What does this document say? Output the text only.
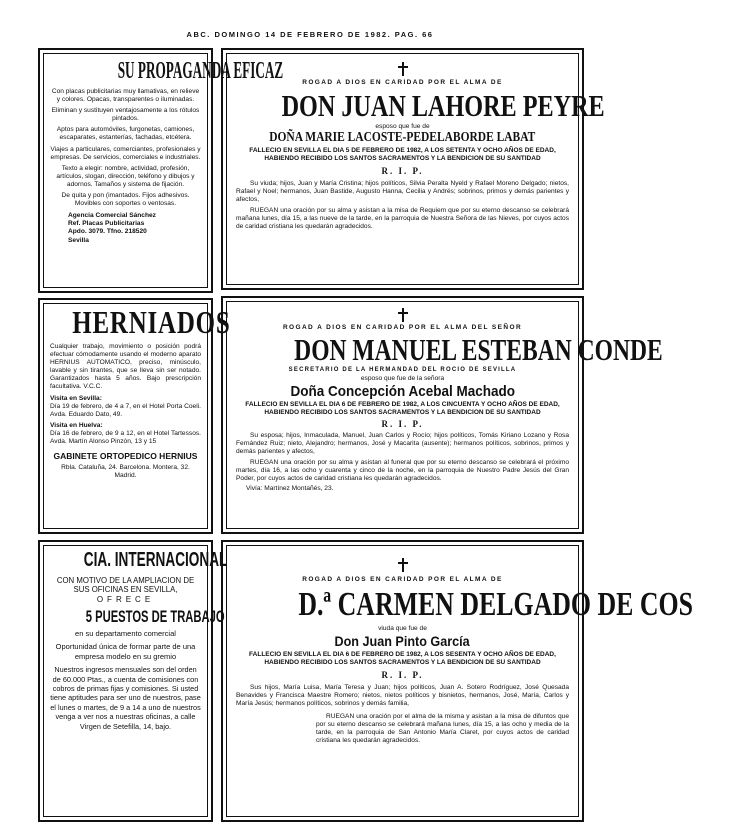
ABC. DOMINGO 14 DE FEBRERO DE 1982. PAG. 66
SU PROPAGANDA EFICAZ

Con placas publicitarias muy llamativas, en relieve y colores. Opacas, transparentes o iluminadas.

Eliminan y sustituyen ventajosamente a los rótulos pintados.

Aptos para automóviles, furgonetas, camiones, escaparates, estanterías, fachadas, etcétera.

Viajes a particulares, comerciantes, profesionales y empresas. De servicios, comerciales e industriales.

Texto a elegir: nombre, actividad, profesión, artículos, slogan, dirección, teléfono y dibujos y adornos. Tamaños y sistema de fijación.

De quita y pon (imantados. Fijos adhesivos. Movibles con soportes o ventosas.

Agencia Comercial Sánchez

Ref. Placas Publicitarias

Apdo. 3079. Tfno. 218520

Sevilla

HERNIADOS

Cualquier trabajo, movimiento o posición podrá efectuar cómodamente usando el moderno aparato HERNIUS AUTOMATICO, preciso, minúsculo, lavable y sin tirantes, que se lleva sin ser notado. Garantizados hasta 5 años. Bajo prescripción facultativa. V.C.C.

Visita en Sevilla:

Día 19 de febrero, de 4 a 7, en el Hotel Porta Coeli. Avda. Eduardo Dato, 49.

Visita en Huelva:

Día 16 de febrero, de 9 a 12, en el Hotel Tartessos. Avda. Martín Alonso Pinzón, 13 y 15

GABINETE ORTOPEDICO HERNIUS

Rbla. Cataluña, 24. Barcelona. Montera, 32. Madrid.

CIA. INTERNACIONAL

CON MOTIVO DE LA AMPLIACION DE SUS OFICINAS EN SEVILLA,

OFRECE

5 PUESTOS DE TRABAJO

en su departamento comercial

Oportunidad única de formar parte de una empresa modelo en su gremio

Nuestros ingresos mensuales son del orden de 60.000 Ptas., a cuenta de comisiones con cobros de primas fijas y comisiones. Si usted tiene aptitudes para ser uno de nuestros, pase el lunes o martes, de 9 a 14 a uno de nuestros venga a ver nos a nuestras oficinas, a calle Virgen de Setefilla, 14, bajo.

ROGAD A DIOS EN CARIDAD POR EL ALMA DE

DON JUAN LAHORE PEYRE

esposo que fue de

DOÑA MARIE LACOSTE-PEDELABORDE LABAT

FALLECIO EN SEVILLA EL DIA 5 DE FEBRERO DE 1982, A LOS SETENTA Y OCHO AÑOS DE EDAD, HABIENDO RECIBIDO LOS SANTOS SACRAMENTOS Y LA BENDICION DE SU SANTIDAD

R. I. P.

Su viuda; hijos, Juan y María Cristina; hijos políticos, Silvia Peralta Nyeld y Rafael Moreno Delgado; nietos, Rafael y Noel; hermanos, Juan Bastide, Augusto Hanna, Cecilia y Andrés; sobrinos, primos y demás parientes y afectos,

RUEGAN una oración por su alma y asistan a la misa de Requiem que por su eterno descanso se celebrará mañana lunes, día 15, a las nueve de la tarde, en la parroquia de Nuestra Señora de las Nieves, por cuyos actos de caridad cristiana les quedarán agradecidos.

ROGAD A DIOS EN CARIDAD POR EL ALMA DEL SEÑOR

DON MANUEL ESTEBAN CONDE

SECRETARIO DE LA HERMANDAD DEL ROCIO DE SEVILLA

esposo que fue de la señora

Doña Concepción Acebal Machado

FALLECIO EN SEVILLA EL DIA 6 DE FEBRERO DE 1982, A LOS CINCUENTA Y OCHO AÑOS DE EDAD, HABIENDO RECIBIDO LOS SANTOS SACRAMENTOS Y LA BENDICION DE SU SANTIDAD

R. I. P.

Su esposa; hijos, Inmaculada, Manuel, Juan Carlos y Rocío; hijos políticos, Tomás Kiriano Lozano y Rosa Fernández Ruiz; nieto, Alejandro; hermanos, José y Macarita (ausente); hermanos políticos, sobrinos, primos y demás parientes y afectos,

RUEGAN una oración por su alma y asistan al funeral que por su eterno descanso se celebrará el próximo martes, día 16, a las ocho y cuarenta y cinco de la noche, en la parroquia de Nuestro Padre Jesús del Gran Poder, por cuyos actos de caridad cristiana les quedarán agradecidos.

Vivía: Martínez Montañés, 23.

ROGAD A DIOS EN CARIDAD POR EL ALMA DE

D.ª CARMEN DELGADO DE COS

viuda que fue de

Don Juan Pinto García

FALLECIO EN SEVILLA EL DIA 6 DE FEBRERO DE 1982, A LOS SESENTA Y OCHO AÑOS DE EDAD, HABIENDO RECIBIDO LOS SANTOS SACRAMENTOS Y LA BENDICION DE SU SANTIDAD

R. I. P.

Sus hijos, María Luisa, María Teresa y Juan; hijos políticos, Juan A. Sotero Rodríguez, José Quesada Benavides y Francisca Maestre Romero; nietos, nietos políticos y bisnietos, hermanos, José, María, Carlos y María Jesús; hermanos políticos, sobrinos y demás familia,

RUEGAN una oración por el alma de la misma y asistan a la misa de difuntos que por su eterno descanso se celebrará mañana lunes, día 15, a las ocho y media de la tarde, en la parroquia de San Antonio María Claret, por cuyos actos de caridad cristiana les quedarán agradecidos.
